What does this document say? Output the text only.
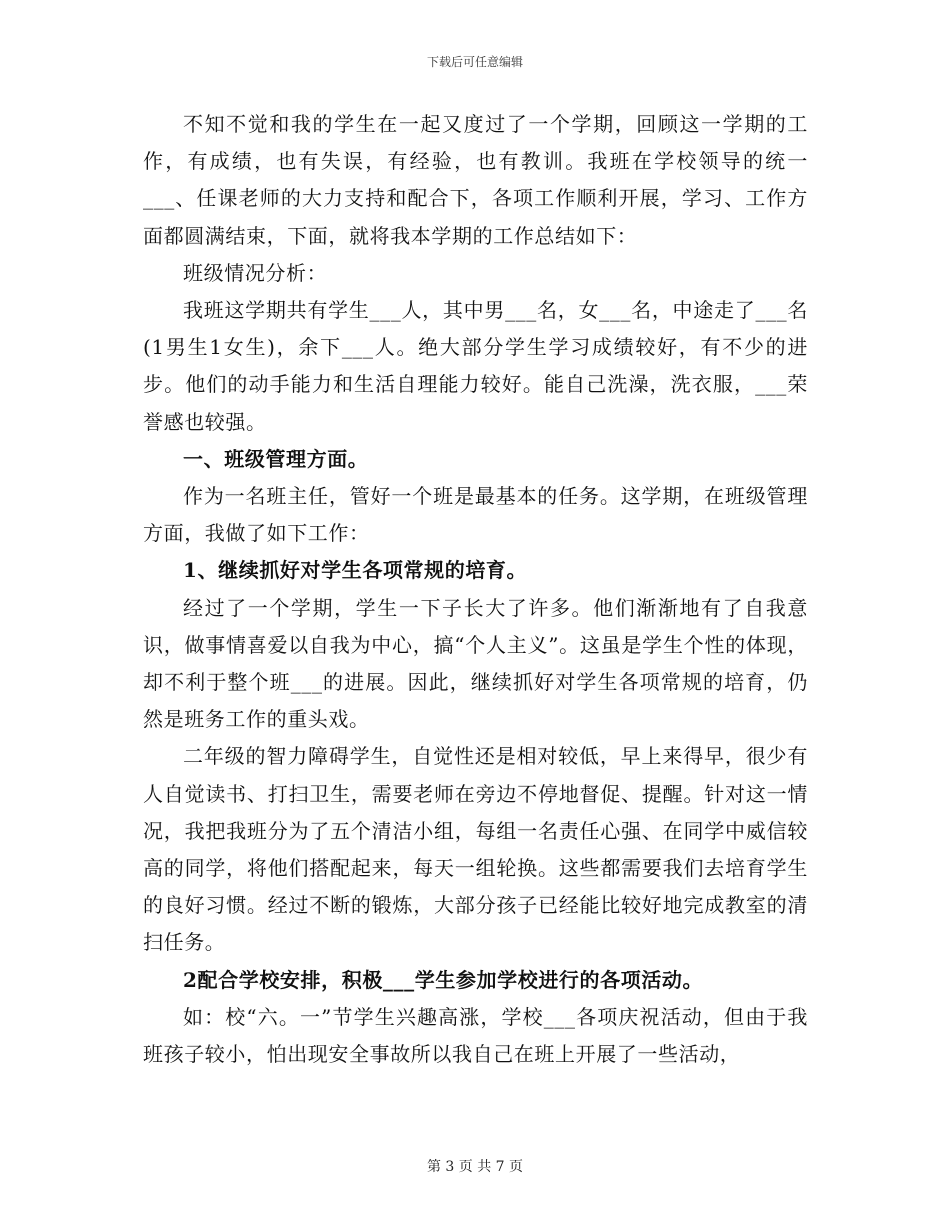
下载后可任意编辑

不知不觉和我的学生在一起又度过了一个学期，回顾这一学期的工作，有成绩，也有失误，有经验，也有教训。我班在学校领导的统一___、任课老师的大力支持和配合下，各项工作顺利开展，学习、工作方面都圆满结束，下面，就将我本学期的工作总结如下：

班级情况分析：

我班这学期共有学生___人，其中男___名，女___名，中途走了___名(1男生1女生)，余下___人。绝大部分学生学习成绩较好，有不少的进步。他们的动手能力和生活自理能力较好。能自己洗澡，洗衣服，___荣誉感也较强。

一、班级管理方面。

作为一名班主任，管好一个班是最基本的任务。这学期，在班级管理方面，我做了如下工作：

1、继续抓好对学生各项常规的培育。

经过了一个学期，学生一下子长大了许多。他们渐渐地有了自我意识，做事情喜爱以自我为中心，搞“个人主义”。这虽是学生个性的体现，却不利于整个班___的进展。因此，继续抓好对学生各项常规的培育，仍然是班务工作的重头戏。

二年级的智力障碍学生，自觉性还是相对较低，早上来得早，很少有人自觉读书、打扫卫生，需要老师在旁边不停地督促、提醒。针对这一情况，我把我班分为了五个清洁小组，每组一名责任心强、在同学中威信较高的同学，将他们搭配起来，每天一组轮换。这些都需要我们去培育学生的良好习惯。经过不断的锻炼，大部分孩子已经能比较好地完成教室的清扫任务。

2配合学校安排，积极___学生参加学校进行的各项活动。

如：校“六。一”节学生兴趣高涨，学校___各项庆祝活动，但由于我班孩子较小，怕出现安全事故所以我自己在班上开展了一些活动，

第 3 页 共 7 页
